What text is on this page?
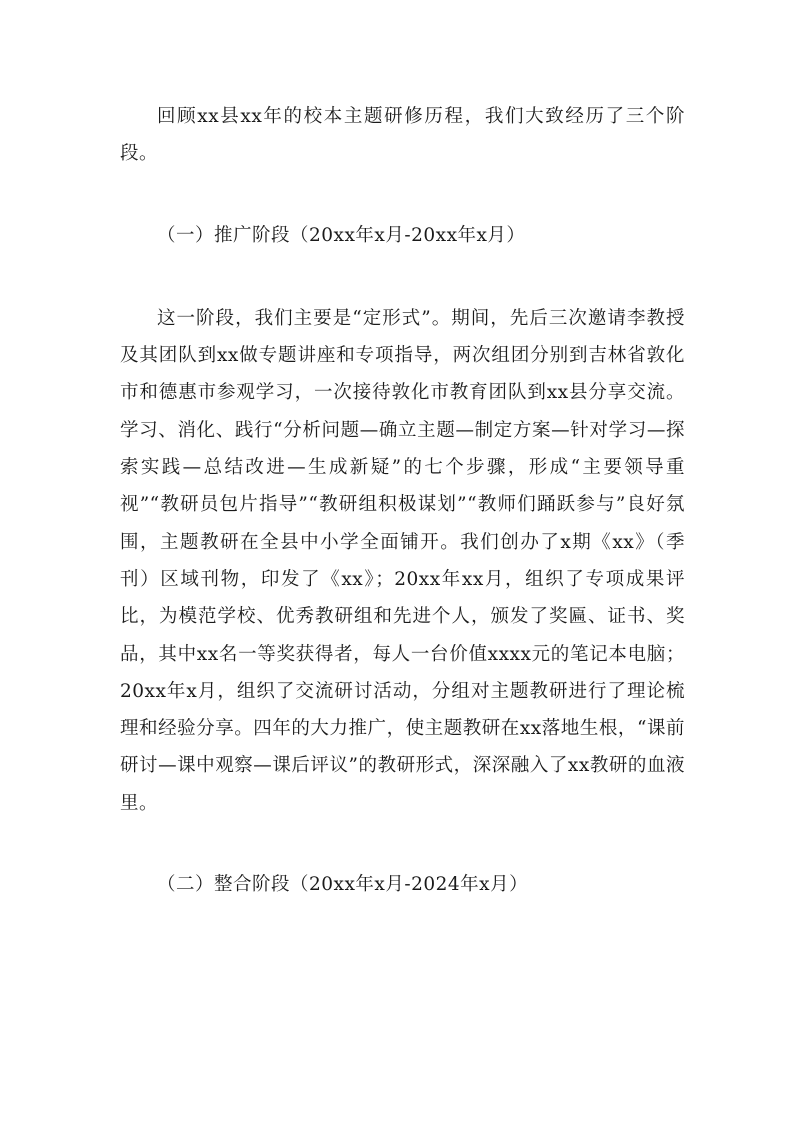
回顾xx县xx年的校本主题研修历程，我们大致经历了三个阶段。

（一）推广阶段（20xx年x月-20xx年x月）

这一阶段，我们主要是“定形式”。期间，先后三次邀请李教授及其团队到xx做专题讲座和专项指导，两次组团分别到吉林省敦化市和德惠市参观学习，一次接待敦化市教育团队到xx县分享交流。学习、消化、践行“分析问题—确立主题—制定方案—针对学习—探索实践—总结改进—生成新疑”的七个步骤，形成“主要领导重视”“教研员包片指导”“教研组积极谋划”“教师们踊跃参与”良好氛围，主题教研在全县中小学全面铺开。我们创办了x期《xx》（季刊）区域刊物，印发了《xx》；20xx年xx月，组织了专项成果评比，为模范学校、优秀教研组和先进个人，颁发了奖匾、证书、奖品，其中xx名一等奖获得者，每人一台价值xxxx元的笔记本电脑；20xx年x月，组织了交流研讨活动，分组对主题教研进行了理论梳理和经验分享。四年的大力推广，使主题教研在xx落地生根，“课前研讨—课中观察—课后评议”的教研形式，深深融入了xx教研的血液里。

（二）整合阶段（20xx年x月-2024年x月）
